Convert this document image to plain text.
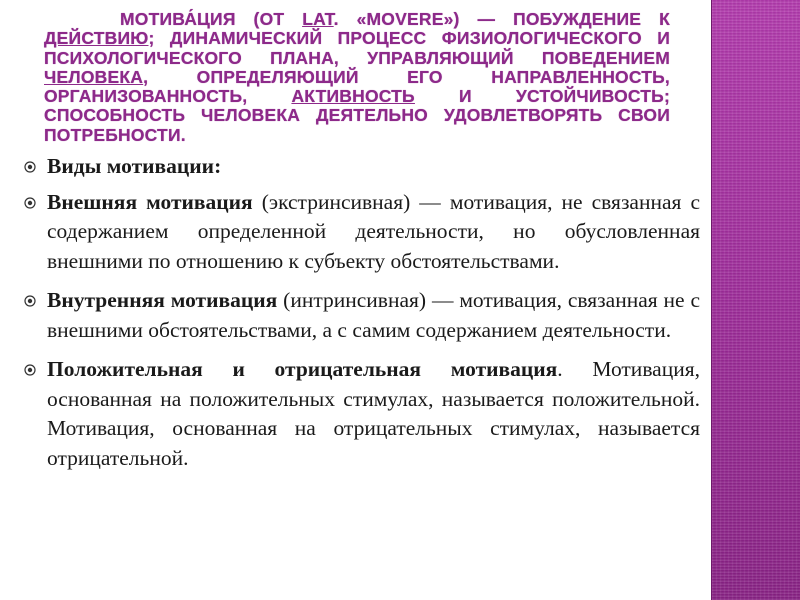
МОТИВА́ЦИЯ (ОТ LAT. «MOVERE») — ПОБУЖДЕНИЕ К ДЕЙСТВИЮ; ДИНАМИЧЕСКИЙ ПРОЦЕСС ФИЗИОЛОГИЧЕСКОГО И ПСИХОЛОГИЧЕСКОГО ПЛАНА, УПРАВЛЯЮЩИЙ ПОВЕДЕНИЕМ ЧЕЛОВЕКА, ОПРЕДЕЛЯЮЩИЙ ЕГО НАПРАВЛЕННОСТЬ, ОРГАНИЗОВАННОСТЬ, АКТИВНОСТЬ И УСТОЙЧИВОСТЬ; СПОСОБНОСТЬ ЧЕЛОВЕКА ДЕЯТЕЛЬНО УДОВЛЕТВОРЯТЬ СВОИ ПОТРЕБНОСТИ.
Виды мотивации:
Внешняя мотивация (экстринсивная) — мотивация, не связанная с содержанием определенной деятельности, но обусловленная внешними по отношению к субъекту обстоятельствами.
Внутренняя мотивация (интринсивная) — мотивация, связанная не с внешними обстоятельствами, а с самим содержанием деятельности.
Положительная и отрицательная мотивация. Мотивация, основанная на положительных стимулах, называется положительной. Мотивация, основанная на отрицательных стимулах, называется отрицательной.
